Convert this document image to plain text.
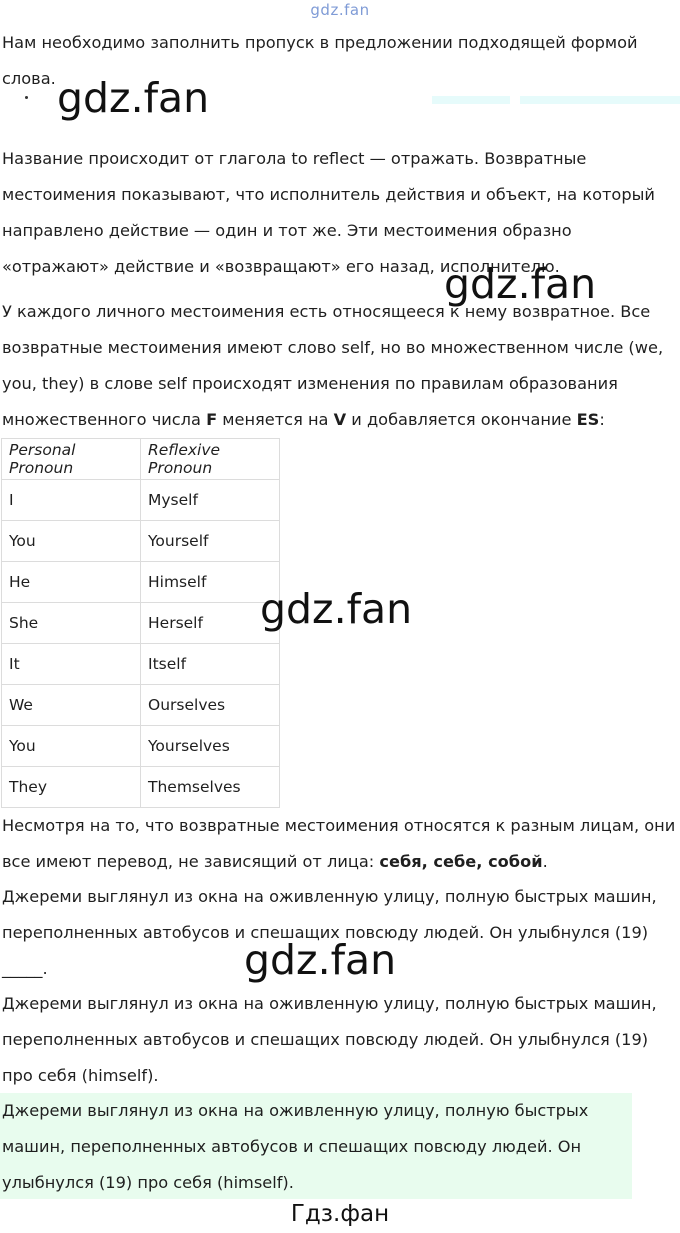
gdz.fan

Нам необходимо заполнить пропуск в предложении подходящей формой слова. gdz.fan

Название происходит от глагола to reflect — отражать. Возвратные местоимения показывают, что исполнитель действия и объект, на который направлено действие — один и тот же. Эти местоимения образно «отражают» действие и «возвращают» его назад, исполнителю.

gdz.fan

У каждого личного местоимения есть относящееся к нему возвратное. Все возвратные местоимения имеют слово self, но во множественном числе (we, you, they) в слове self происходят изменения по правилам образования множественного числа F меняется на V и добавляется окончание ES:

Personal Pronoun	Reflexive Pronoun
I	Myself
You	Yourself
He	Himself
She	Herself
It	Itself
We	Ourselves
You	Yourselves
They	Themselves
gdz.fan

Несмотря на то, что возвратные местоимения относятся к разным лицам, они все имеют перевод, не зависящий от лица: себя, себе, собой.

Джереми выглянул из окна на оживленную улицу, полную быстрых машин, переполненных автобусов и спешащих повсюду людей. Он улыбнулся (19) _____.	gdz.fan

Джереми выглянул из окна на оживленную улицу, полную быстрых машин, переполненных автобусов и спешащих повсюду людей. Он улыбнулся (19) про себя (himself).

Джереми выглянул из окна на оживленную улицу, полную быстрых машин, переполненных автобусов и спешащих повсюду людей. Он улыбнулся (19) про себя (himself).

Гдз.фан
